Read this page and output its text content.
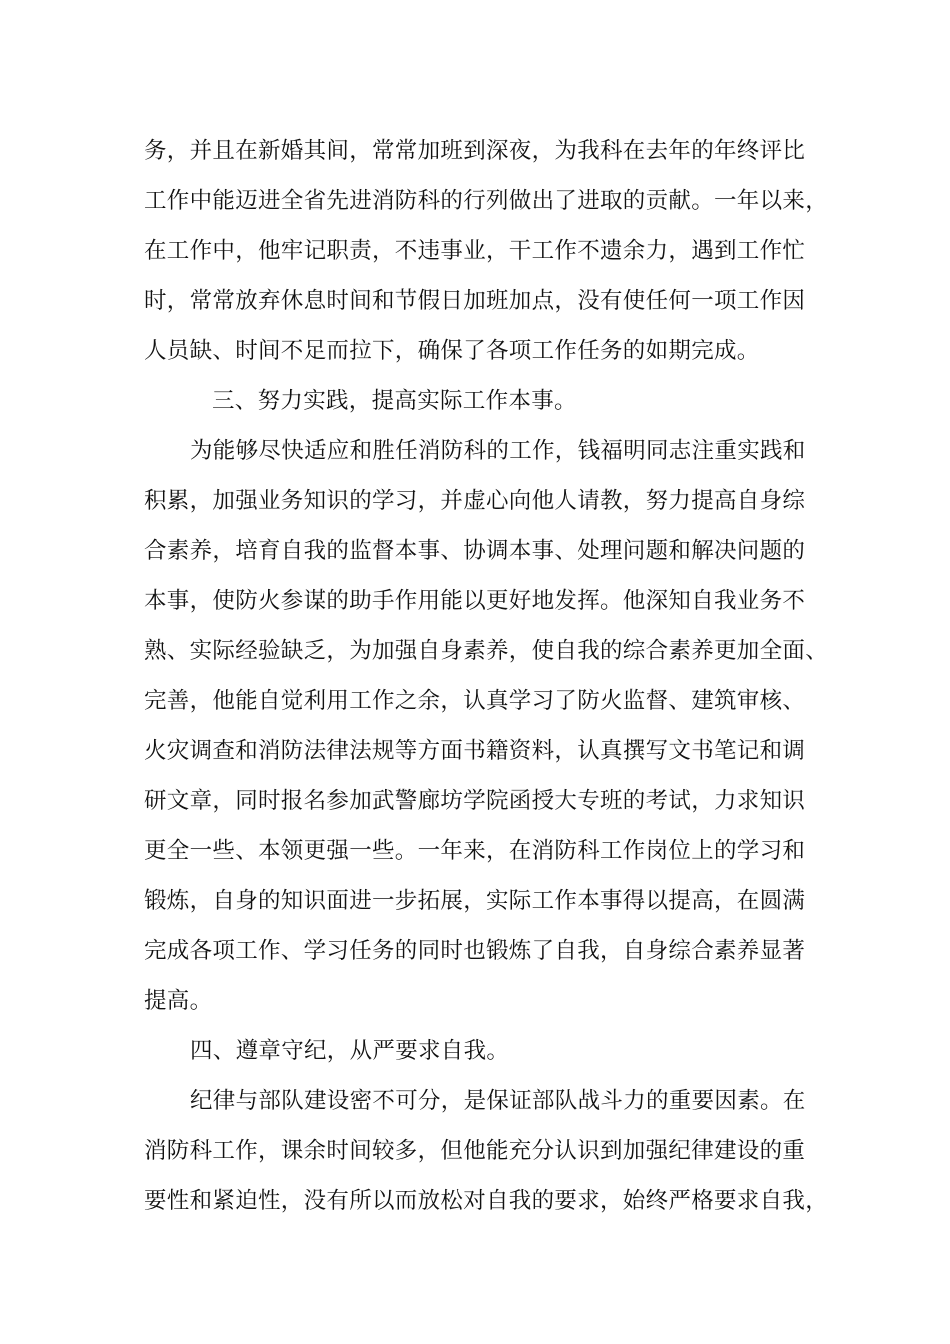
务，并且在新婚其间，常常加班到深夜，为我科在去年的年终评比
工作中能迈进全省先进消防科的行列做出了进取的贡献。一年以来，
在工作中，他牢记职责，不违事业，干工作不遗余力，遇到工作忙
时，常常放弃休息时间和节假日加班加点，没有使任何一项工作因
人员缺、时间不足而拉下，确保了各项工作任务的如期完成。
三、努力实践，提高实际工作本事。
为能够尽快适应和胜任消防科的工作，钱福明同志注重实践和
积累，加强业务知识的学习，并虚心向他人请教，努力提高自身综
合素养，培育自我的监督本事、协调本事、处理问题和解决问题的
本事，使防火参谋的助手作用能以更好地发挥。他深知自我业务不
熟、实际经验缺乏，为加强自身素养，使自我的综合素养更加全面、
完善，他能自觉利用工作之余，认真学习了防火监督、建筑审核、
火灾调查和消防法律法规等方面书籍资料，认真撰写文书笔记和调
研文章，同时报名参加武警廊坊学院函授大专班的考试，力求知识
更全一些、本领更强一些。一年来，在消防科工作岗位上的学习和
锻炼，自身的知识面进一步拓展，实际工作本事得以提高，在圆满
完成各项工作、学习任务的同时也锻炼了自我，自身综合素养显著
提高。
四、遵章守纪，从严要求自我。
纪律与部队建设密不可分，是保证部队战斗力的重要因素。在
消防科工作，课余时间较多，但他能充分认识到加强纪律建设的重
要性和紧迫性，没有所以而放松对自我的要求，始终严格要求自我，
